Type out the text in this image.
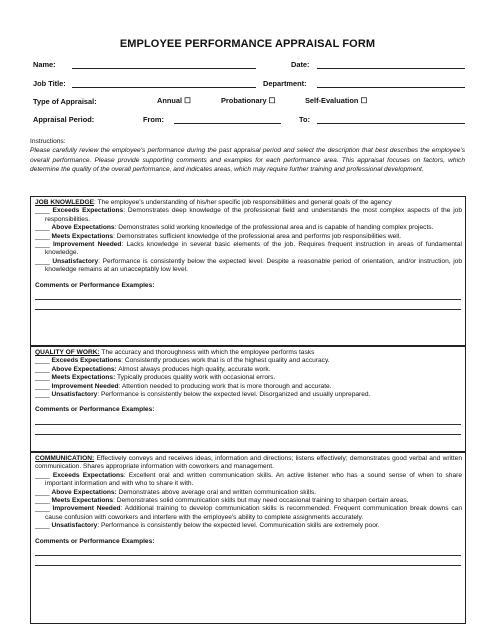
EMPLOYEE PERFORMANCE APPRAISAL FORM
Name:	Date:
Job Title:	Department:
Type of Appraisal:	Annual ☐	Probationary ☐	Self-Evaluation ☐
Appraisal Period:	From:	To:
Instructions:
Please carefully review the employee's performance during the past appraisal period and select the description that best describes the employee's overall performance. Please provide supporting comments and examples for each performance area. This appraisal focuses on factors, which determine the quality of the overall performance, and indicates areas, which may require further training and professional development.

JOB KNOWLEDGE: The employee's understanding of his/her specific job responsibilities and general goals of the agency

____ Exceeds Expectations: Demonstrates deep knowledge of the professional field and understands the most complex aspects of the job responsibilities.

____ Above Expectations: Demonstrates solid working knowledge of the professional area and is capable of handing complex projects.

____ Meets Expectations: Demonstrates sufficient knowledge of the professional area and performs job responsibilities well.

____ Improvement Needed: Lacks knowledge in several basic elements of the job. Requires frequent instruction in areas of fundamental knowledge.

____ Unsatisfactory: Performance is consistently below the expected level. Despite a reasonable period of orientation, and/or instruction, job knowledge remains at an unacceptably low level.

Comments or Performance Examples:

QUALITY OF WORK: The accuracy and thoroughness with which the employee performs tasks

____ Exceeds Expectations: Consistently produces work that is of the highest quality and accuracy.

____ Above Expectations: Almost always produces high quality, accurate work.

____ Meets Expectations: Typically produces quality work with occasional errors.

____ Improvement Needed: Attention needed to producing work that is more thorough and accurate.

____ Unsatisfactory: Performance is consistently below the expected level. Disorganized and usually unprepared.

Comments or Performance Examples:

COMMUNICATION: Effectively conveys and receives ideas, information and directions; listens effectively; demonstrates good verbal and written communication. Shares appropriate information with coworkers and management.

____ Exceeds Expectations: Excellent oral and written communication skills. An active listener who has a sound sense of when to share important information and with who to share it with.

____ Above Expectations: Demonstrates above average oral and written communication skills.

____ Meets Expectations: Demonstrates solid communication skills but may need occasional training to sharpen certain areas.

____ Improvement Needed: Additional training to develop communication skills is recommended. Frequent communication break downs can cause confusion with coworkers and interfere with the employee's ability to complete assignments accurately.

____ Unsatisfactory: Performance is consistently below the expected level. Communication skills are extremely poor.

Comments or Performance Examples:
